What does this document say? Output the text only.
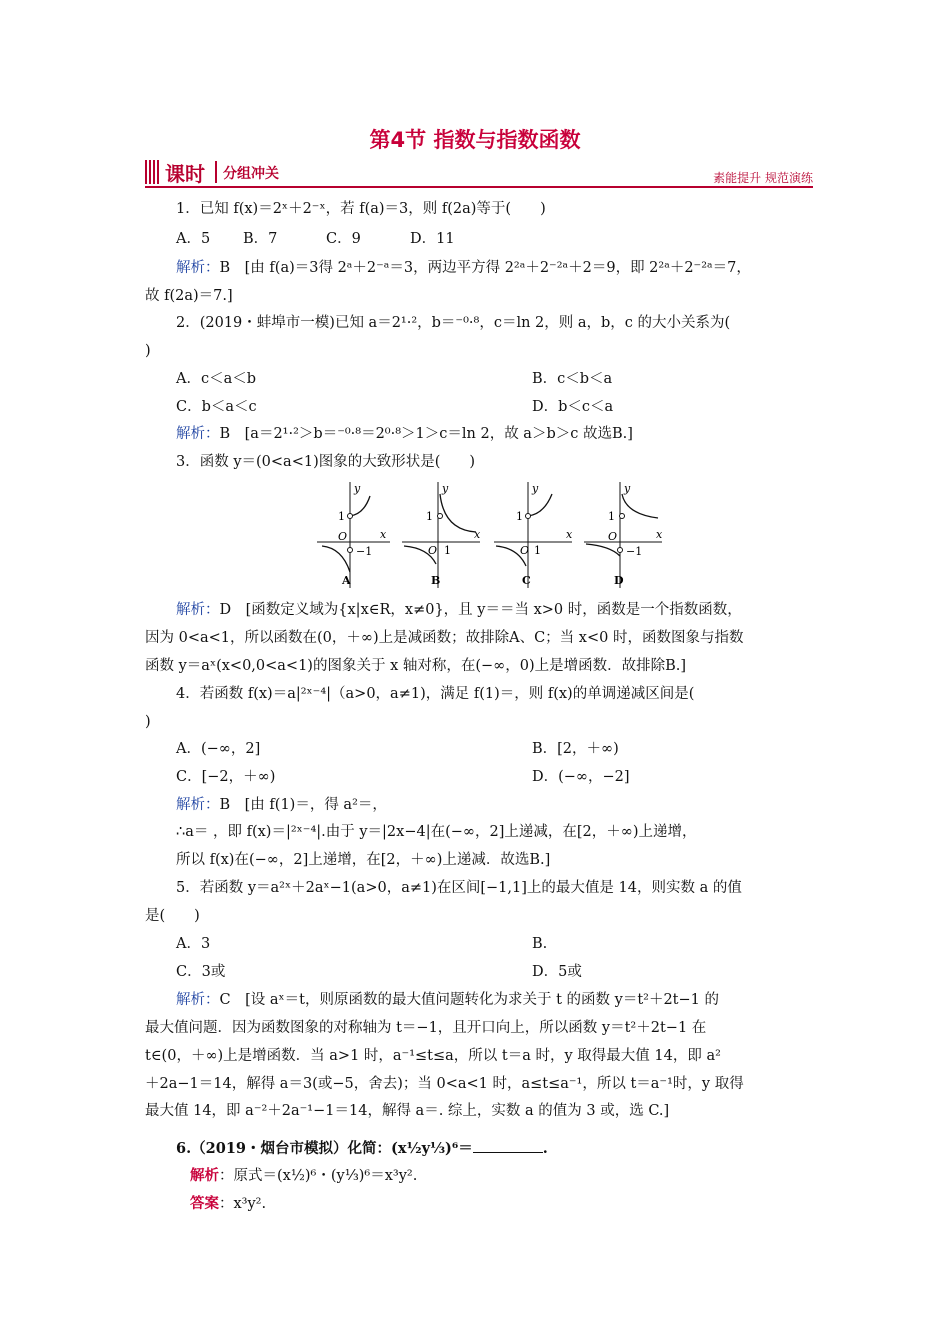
第4节 指数与指数函数
课时 分组冲关	素能提升 规范演练
1．已知 f(x)＝2ˣ＋2⁻ˣ，若 f(a)＝3，则 f(2a)等于(　　)
A．5 B．7	C．9	D．11
解析：B　[由 f(a)＝3得 2ᵃ＋2⁻ᵃ＝3，两边平方得 2²ᵃ＋2⁻²ᵃ＋2＝9，即 2²ᵃ＋2⁻²ᵃ＝7，
故 f(2a)＝7.]
2．(2019・蚌埠市一模)已知 a＝2¹·²，b＝⁻⁰·⁸，c＝ln 2，则 a，b，c 的大小关系为(
)
A．c＜a＜b	B．c＜b＜a
C．b＜a＜c	D．b＜c＜a
解析：B　[a＝2¹·²＞b＝⁻⁰·⁸＝2⁰·⁸＞1＞c＝ln 2，故 a＞b＞c 故选B.]
3．函数 y＝(0<a<1)图象的大致形状是(　　)
x
y
1
O
−1
A
x
y
1
O 1
B
x
y
1
O 1
C
x
y
1
O
−1
D
解析：D　[函数定义域为{x|x∈R，x≠0}，且 y＝＝当 x>0 时，函数是一个指数函数，
因为 0<a<1，所以函数在(0，＋∞)上是减函数；故排除A、C；当 x<0 时，函数图象与指数
函数 y＝aˣ(x<0,0<a<1)的图象关于 x 轴对称，在(−∞，0)上是增函数．故排除B.]
4．若函数 f(x)＝a|²ˣ⁻⁴|（a>0，a≠1)，满足 f(1)＝，则 f(x)的单调递减区间是(
)
A．(−∞，2]	B．[2，＋∞)
C．[−2，＋∞)	D．(−∞，−2]
解析：B　[由 f(1)＝，得 a²＝，
∴a＝ ，即 f(x)＝|²ˣ⁻⁴|.由于 y＝|2x−4|在(−∞，2]上递减，在[2，＋∞)上递增，
所以 f(x)在(−∞，2]上递增，在[2，＋∞)上递减．故选B.]
5．若函数 y＝a²ˣ＋2aˣ−1(a>0，a≠1)在区间[−1,1]上的最大值是 14，则实数 a 的值
是(　　)
A．3	B.
C．3或	D．5或
解析：C　[设 aˣ＝t，则原函数的最大值问题转化为求关于 t 的函数 y＝t²＋2t−1 的
最大值问题．因为函数图象的对称轴为 t＝−1，且开口向上，所以函数 y＝t²＋2t−1 在
t∈(0，＋∞)上是增函数．当 a>1 时，a⁻¹≤t≤a，所以 t＝a 时，y 取得最大值 14，即 a²
＋2a−1＝14，解得 a＝3(或−5，舍去)；当 0<a<1 时，a≤t≤a⁻¹，所以 t＝a⁻¹时，y 取得
最大值 14，即 a⁻²＋2a⁻¹−1＝14，解得 a＝. 综上，实数 a 的值为 3 或，选 C.]
6.（2019・烟台市模拟）化简：(x½y⅓)⁶＝	.
解析：原式＝(x½)⁶・(y⅓)⁶＝x³y².
答案：x³y².
